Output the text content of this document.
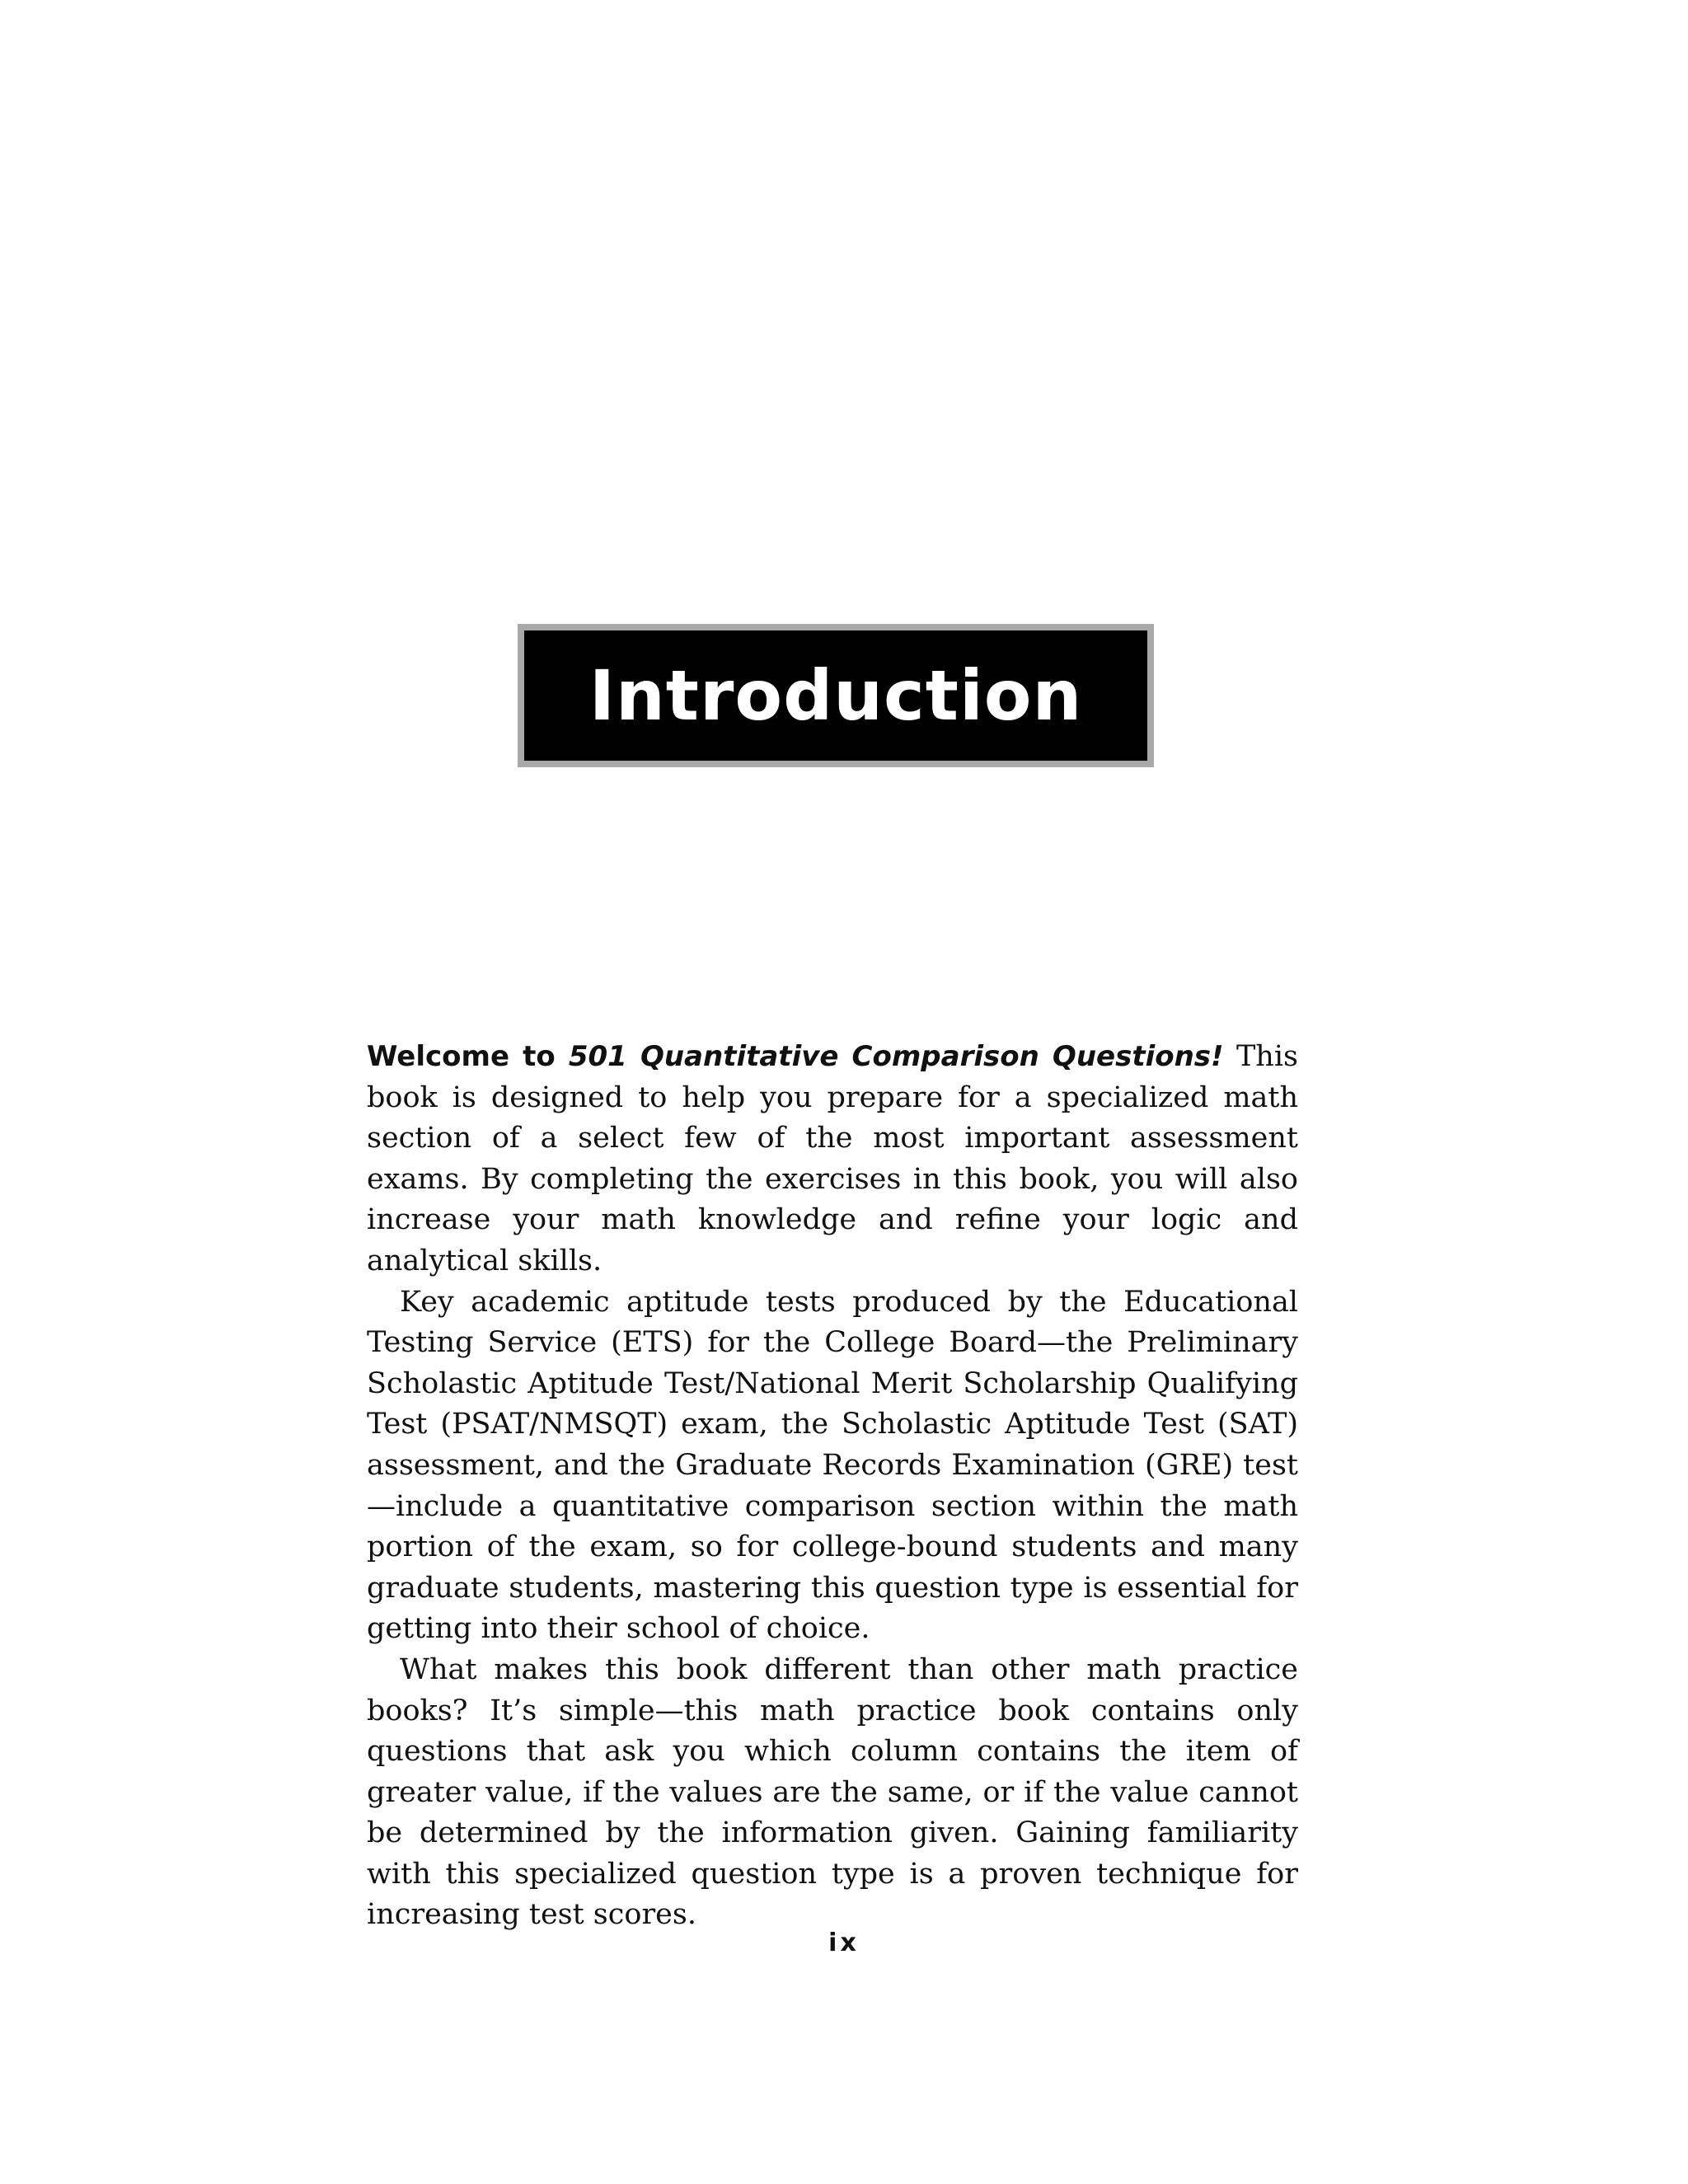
Introduction

Welcome to 501 Quantitative Comparison Questions! This book is designed to help you prepare for a specialized math section of a select few of the most important assessment exams. By completing the exercises in this book, you will also increase your math knowledge and refine your logic and analytical skills.

Key academic aptitude tests produced by the Educational Testing Service (ETS) for the College Board—the Preliminary Scholastic Aptitude Test/National Merit Scholarship Qualifying Test (PSAT/NMSQT) exam, the Scholastic Aptitude Test (SAT) assessment, and the Graduate Records Examination (GRE) test—include a quantitative comparison section within the math portion of the exam, so for college-bound students and many graduate students, mastering this question type is essential for getting into their school of choice.

What makes this book different than other math practice books? It’s simple—this math practice book contains only questions that ask you which column contains the item of greater value, if the values are the same, or if the value cannot be determined by the information given. Gaining familiarity with this specialized question type is a proven technique for increasing test scores.

ix
